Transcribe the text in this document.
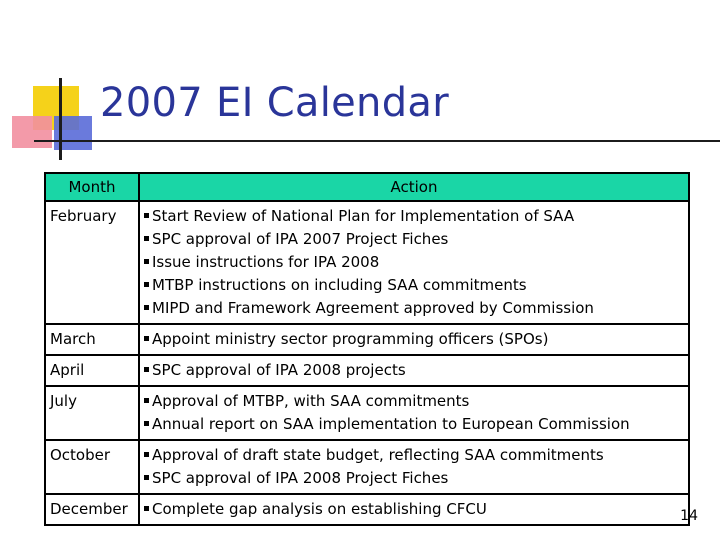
2007 EI Calendar
Month	Action
February	Start Review of National Plan for Implementation of SAA
SPC approval of IPA 2007 Project Fiches
Issue instructions for IPA 2008
MTBP instructions on including SAA commitments
MIPD and Framework Agreement approved by Commission

March	Appoint ministry sector programming officers (SPOs)

April	SPC approval of IPA 2008 projects

July	Approval of MTBP, with SAA commitments
Annual report on SAA implementation to European Commission

October	Approval of draft state budget, reflecting SAA commitments
SPC approval of IPA 2008 Project Fiches

December	Complete gap analysis on establishing CFCU	14
